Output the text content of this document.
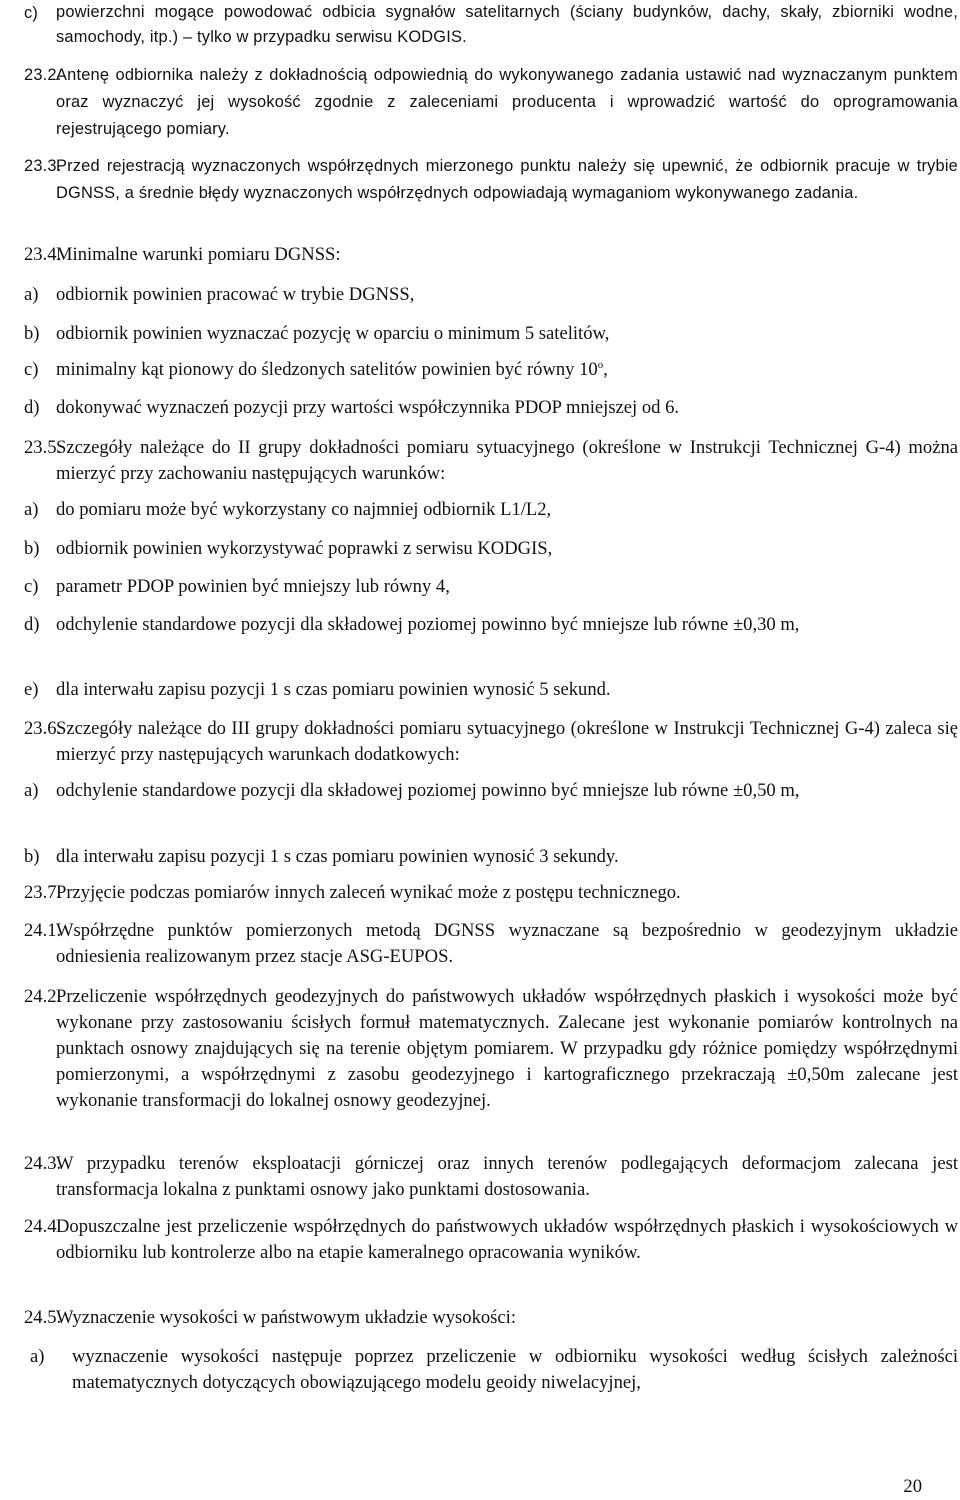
c)	powierzchni mogące powodować odbicia sygnałów satelitarnych (ściany budynków, dachy, skały, zbiorniki wodne, samochody, itp.) – tylko w przypadku serwisu KODGIS.
23.2.
Antenę odbiornika należy z dokładnością odpowiednią do wykonywanego zadania ustawić nad wyznaczanym punktem oraz wyznaczyć jej wysokość zgodnie z zaleceniami producenta i wprowadzić wartość do oprogramowania rejestrującego pomiary.
23.3.
Przed rejestracją wyznaczonych współrzędnych mierzonego punktu należy się upewnić, że odbiornik pracuje w trybie DGNSS, a średnie błędy wyznaczonych współrzędnych odpowiadają wymaganiom wykonywanego zadania.
23.4.
Minimalne warunki pomiaru DGNSS:
a) odbiornik powinien pracować w trybie DGNSS,
b) odbiornik powinien wyznaczać pozycję w oparciu o minimum 5 satelitów,
c) minimalny kąt pionowy do śledzonych satelitów powinien być równy 10$^o$,
d) dokonywać wyznaczeń pozycji przy wartości współczynnika PDOP mniejszej od 6.
23.5.
Szczegóły należące do II grupy dokładności pomiaru sytuacyjnego (określone w Instrukcji Technicznej G-4) można mierzyć przy zachowaniu następujących warunków:
a) do pomiaru może być wykorzystany co najmniej odbiornik L1/L2,
b) odbiornik powinien wykorzystywać poprawki z serwisu KODGIS,
c) parametr PDOP powinien być mniejszy lub równy 4,
d) odchylenie standardowe pozycji dla składowej poziomej powinno być mniejsze lub równe ±0,30 m,
e) dla interwału zapisu pozycji 1 s czas pomiaru powinien wynosić 5 sekund.
23.6.
Szczegóły należące do III grupy dokładności pomiaru sytuacyjnego (określone w Instrukcji Technicznej G-4) zaleca się mierzyć przy następujących warunkach dodatkowych:
a) odchylenie standardowe pozycji dla składowej poziomej powinno być mniejsze lub równe ±0,50 m,
b) dla interwału zapisu pozycji 1 s czas pomiaru powinien wynosić 3 sekundy.
23.7.
Przyjęcie podczas pomiarów innych zaleceń wynikać może z postępu technicznego.
24.1.
Współrzędne punktów pomierzonych metodą DGNSS wyznaczane są bezpośrednio w geodezyjnym układzie odniesienia realizowanym przez stacje ASG-EUPOS.
24.2.
Przeliczenie współrzędnych geodezyjnych do państwowych układów współrzędnych płaskich i wysokości może być wykonane przy zastosowaniu ścisłych formuł matematycznych. Zalecane jest wykonanie pomiarów kontrolnych na punktach osnowy znajdujących się na terenie objętym pomiarem. W przypadku gdy różnice pomiędzy współrzędnymi pomierzonymi, a współrzędnymi z zasobu geodezyjnego i kartograficznego przekraczają ±0,50m zalecane jest wykonanie transformacji do lokalnej osnowy geodezyjnej.
24.3.
W przypadku terenów eksploatacji górniczej oraz innych terenów podlegających deformacjom zalecana jest transformacja lokalna z punktami osnowy jako punktami dostosowania.
24.4.
Dopuszczalne jest przeliczenie współrzędnych do państwowych układów współrzędnych płaskich i wysokościowych w odbiorniku lub kontrolerze albo na etapie kameralnego opracowania wyników.
24.5.
Wyznaczenie wysokości w państwowym układzie wysokości:
a)	wyznaczenie wysokości następuje poprzez przeliczenie w odbiorniku wysokości według ścisłych zależności matematycznych dotyczących obowiązującego modelu geoidy niwelacyjnej,
20
